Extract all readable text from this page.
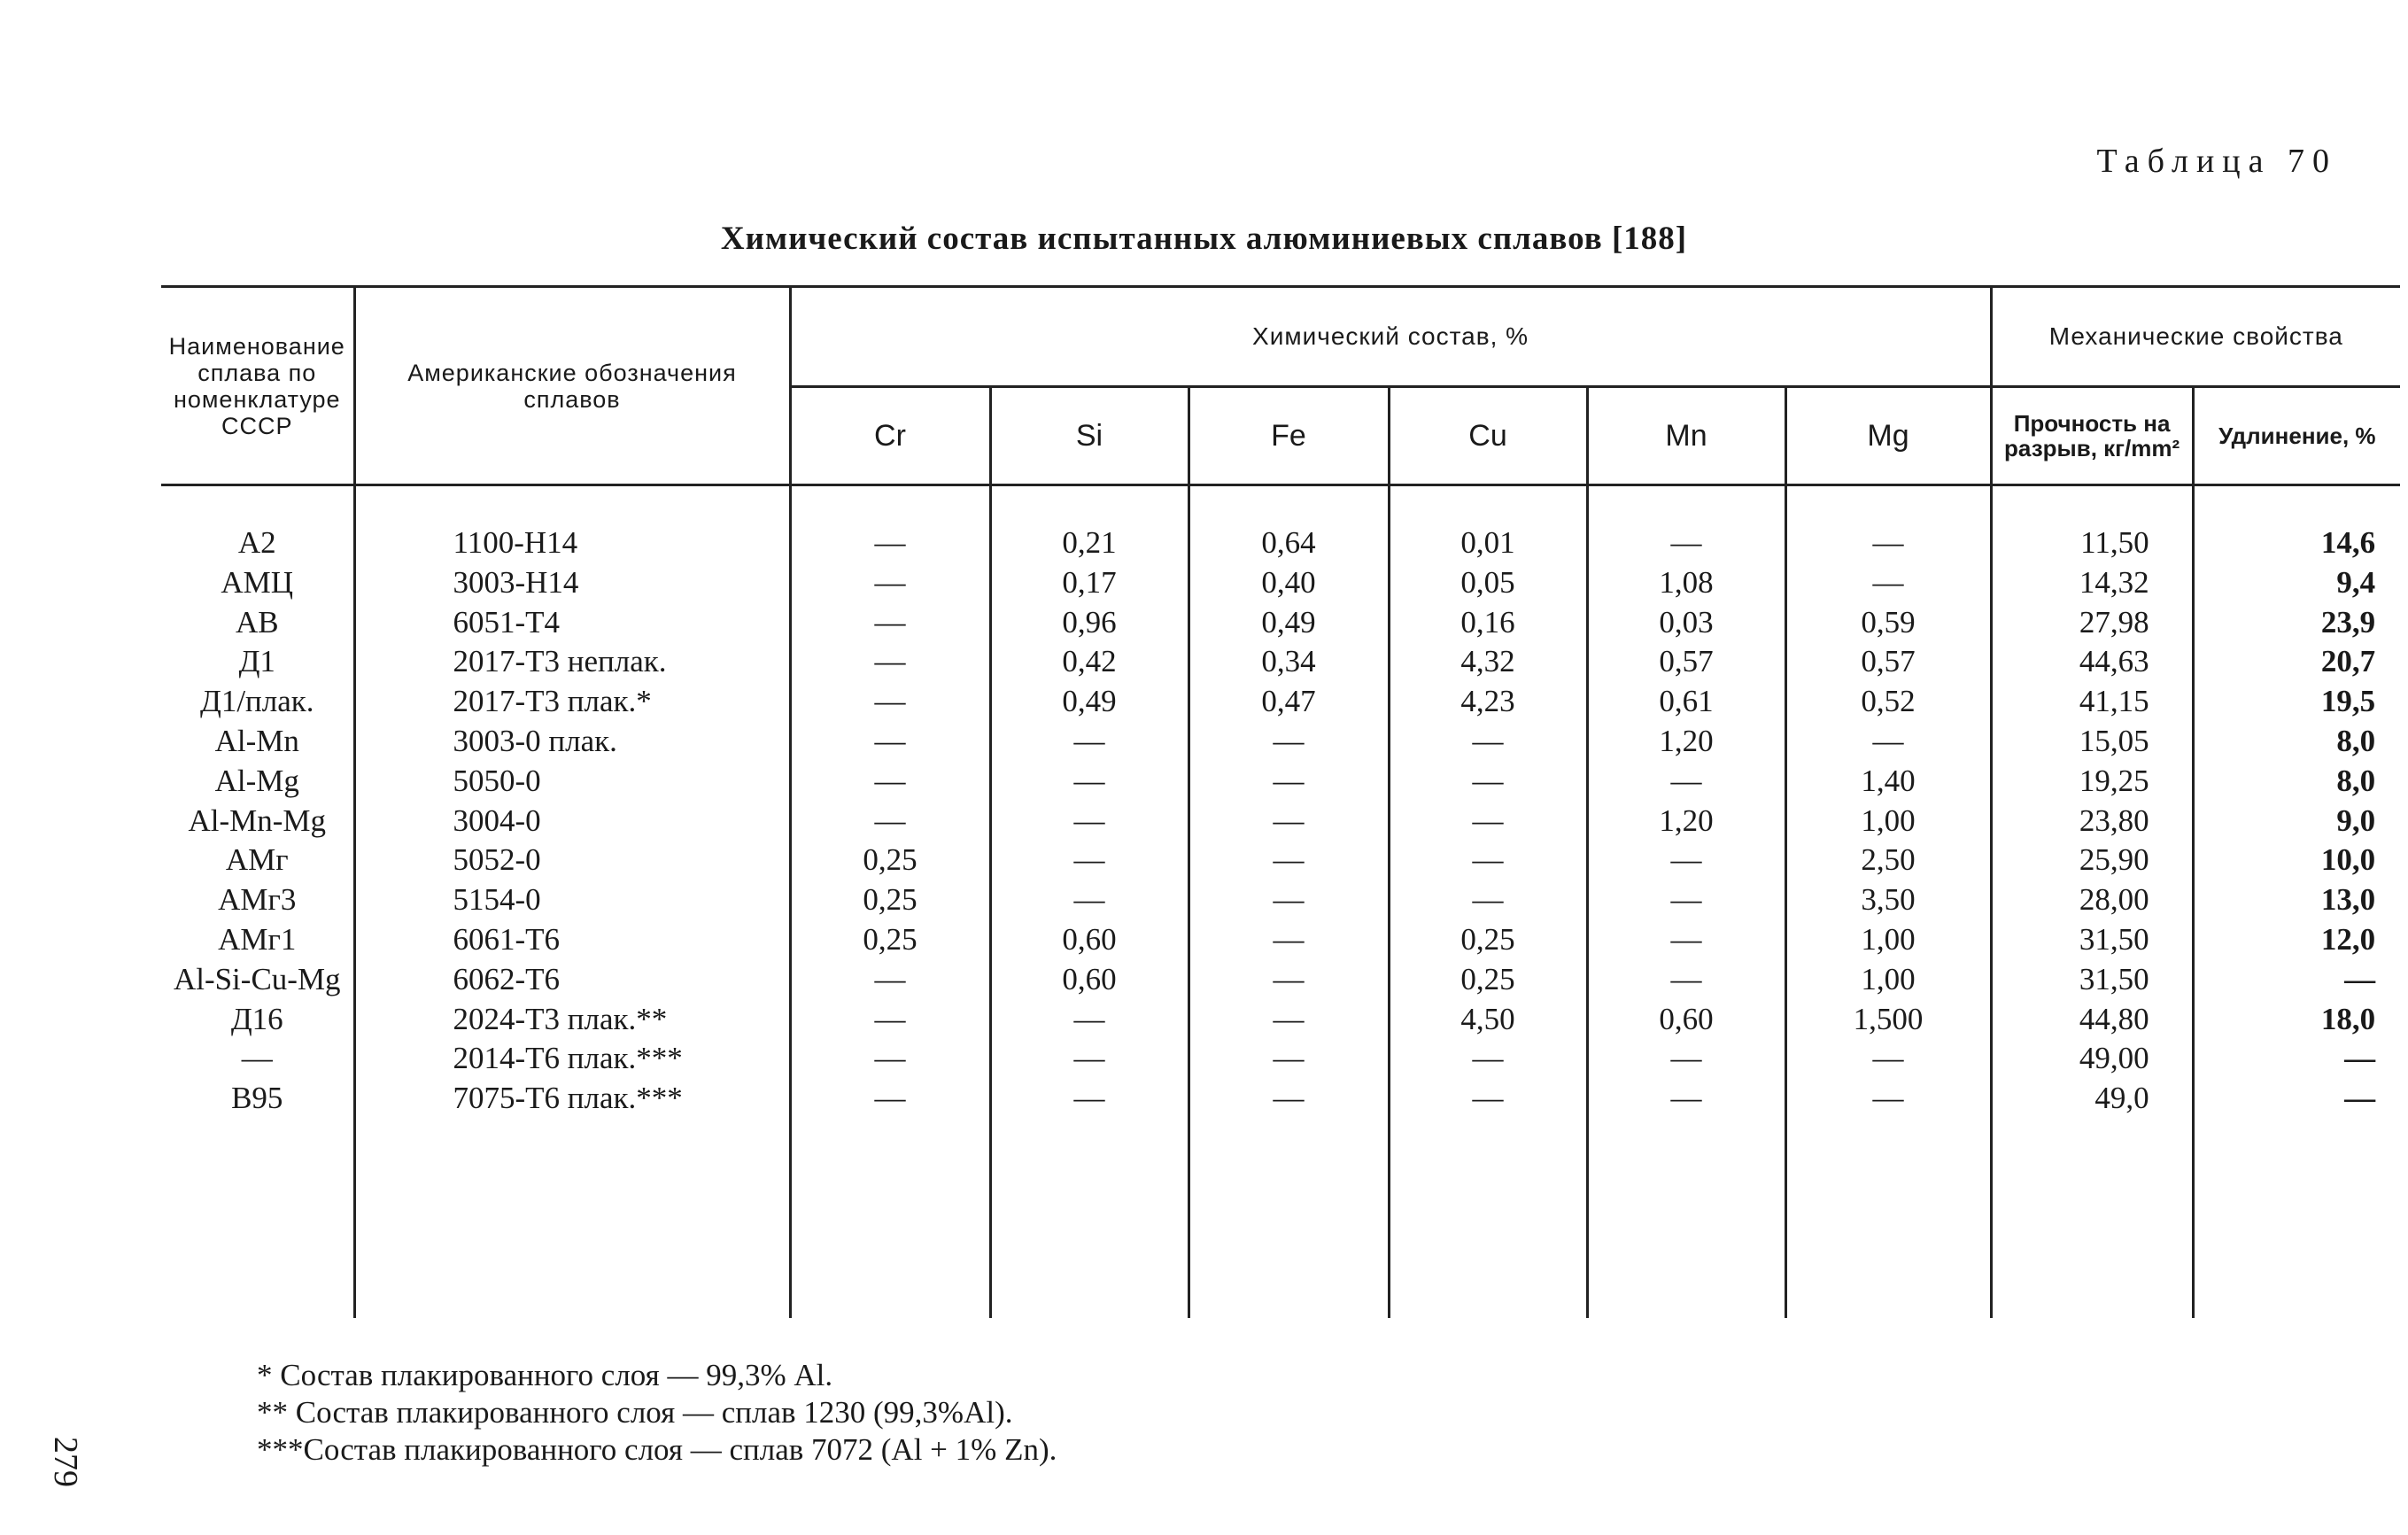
Таблица 70
Химический состав испытанных алюминиевых сплавов [188]
Наименование сплава по номенклатуре СССР	Американские обозначения сплавов	Химический состав, %						Механические свойства	
		Cr	Si	Fe	Cu	Mn	Mg	Прочность на разрыв, кг/mm²	Удлинение, %

А2	1100-H14	—	0,21	0,64	0,01	—	—	11,50	14,6
АМЦ	3003-H14	—	0,17	0,40	0,05	1,08	—	14,32	9,4
АВ	6051-T4	—	0,96	0,49	0,16	0,03	0,59	27,98	23,9
Д1	2017-T3 неплак.	—	0,42	0,34	4,32	0,57	0,57	44,63	20,7
Д1/плак.	2017-T3 плак.*	—	0,49	0,47	4,23	0,61	0,52	41,15	19,5
Al-Mn	3003-0 плак.	—	—	—	—	1,20	—	15,05	8,0
Al-Mg	5050-0	—	—	—	—	—	1,40	19,25	8,0
Al-Mn-Mg	3004-0	—	—	—	—	1,20	1,00	23,80	9,0
АМг	5052-0	0,25	—	—	—	—	2,50	25,90	10,0
АМг3	5154-0	0,25	—	—	—	—	3,50	28,00	13,0
АМг1	6061-T6	0,25	0,60	—	0,25	—	1,00	31,50	12,0
Al-Si-Cu-Mg	6062-T6	—	0,60	—	0,25	—	1,00	31,50	—
Д16	2024-T3 плак.**	—	—	—	4,50	0,60	1,500	44,80	18,0
—	2014-T6 плак.***	—	—	—	—	—	—	49,00	—
В95	7075-T6 плак.***	—	—	—	—	—	—	49,0	—

* Состав плакированного слоя — 99,3% Al.
** Состав плакированного слоя — сплав 1230 (99,3%Al).
***Состав плакированного слоя — сплав 7072 (Al + 1% Zn).
279
